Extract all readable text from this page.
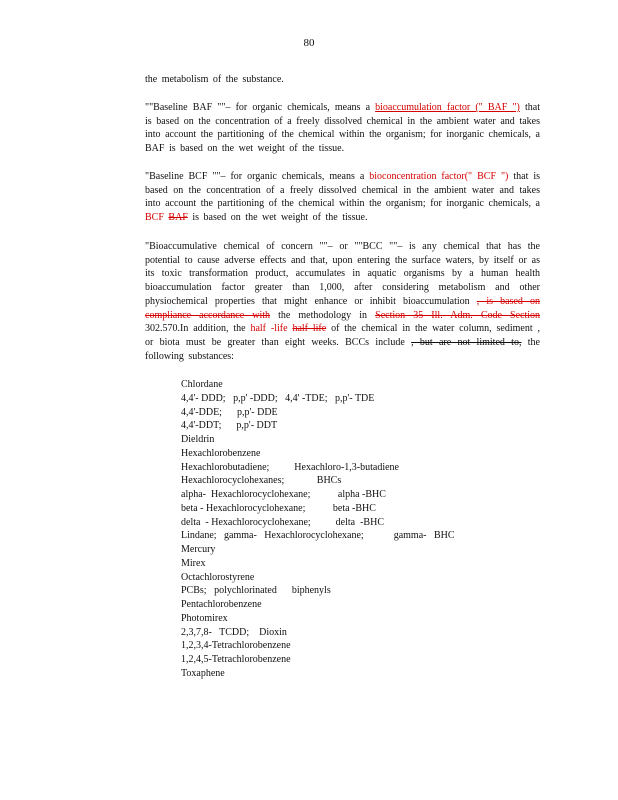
80
the metabolism of the substance.
""Baseline BAF ""– for organic chemicals, means a bioaccumulation factor (" BAF ") that is based on the concentration of a freely dissolved chemical in the ambient water and takes into account the partitioning of the chemical within the organism; for inorganic chemicals, a BAF is based on the wet weight of the tissue.
"Baseline BCF ""– for organic chemicals, means a bioconcentration factor(" BCF ") that is based on the concentration of a freely dissolved chemical in the ambient water and takes into account the partitioning of the chemical within the organism; for inorganic chemicals, a BCF BAF is based on the wet weight of the tissue.
"Bioaccumulative chemical of concern ""– or ""BCC ""– is any chemical that has the potential to cause adverse effects and that, upon entering the surface waters, by itself or as its toxic transformation product, accumulates in aquatic organisms by a human health bioaccumulation factor greater than 1,000, after considering metabolism and other physiochemical properties that might enhance or inhibit bioaccumulation , is based on compliance accordance with the methodology in Section 35 Ill. Adm. Code Section 302.570.In addition, the half -life half life of the chemical in the water column, sediment , or biota must be greater than eight weeks. BCCs include , but are not limited to, the following substances:
Chlordane
4,4'- DDD;   p,p' -DDD;   4,4' -TDE;   p,p'- TDE
4,4'-DDE;      p,p'- DDE
4,4'-DDT;      p,p'- DDT
Dieldrin
Hexachlorobenzene
Hexachlorobutadiene;          Hexachloro-1,3-butadiene
Hexachlorocyclohexanes;             BHCs
alpha-  Hexachlorocyclohexane;           alpha -BHC
beta - Hexachlorocyclohexane;           beta -BHC
delta  - Hexachlorocyclohexane;          delta  -BHC
Lindane;   gamma-   Hexachlorocyclohexane;            gamma-   BHC
Mercury
Mirex
Octachlorostyrene
PCBs;   polychlorinated      biphenyls
Pentachlorobenzene
Photomirex
2,3,7,8-   TCDD;    Dioxin
1,2,3,4-Tetrachlorobenzene
1,2,4,5-Tetrachlorobenzene
Toxaphene
